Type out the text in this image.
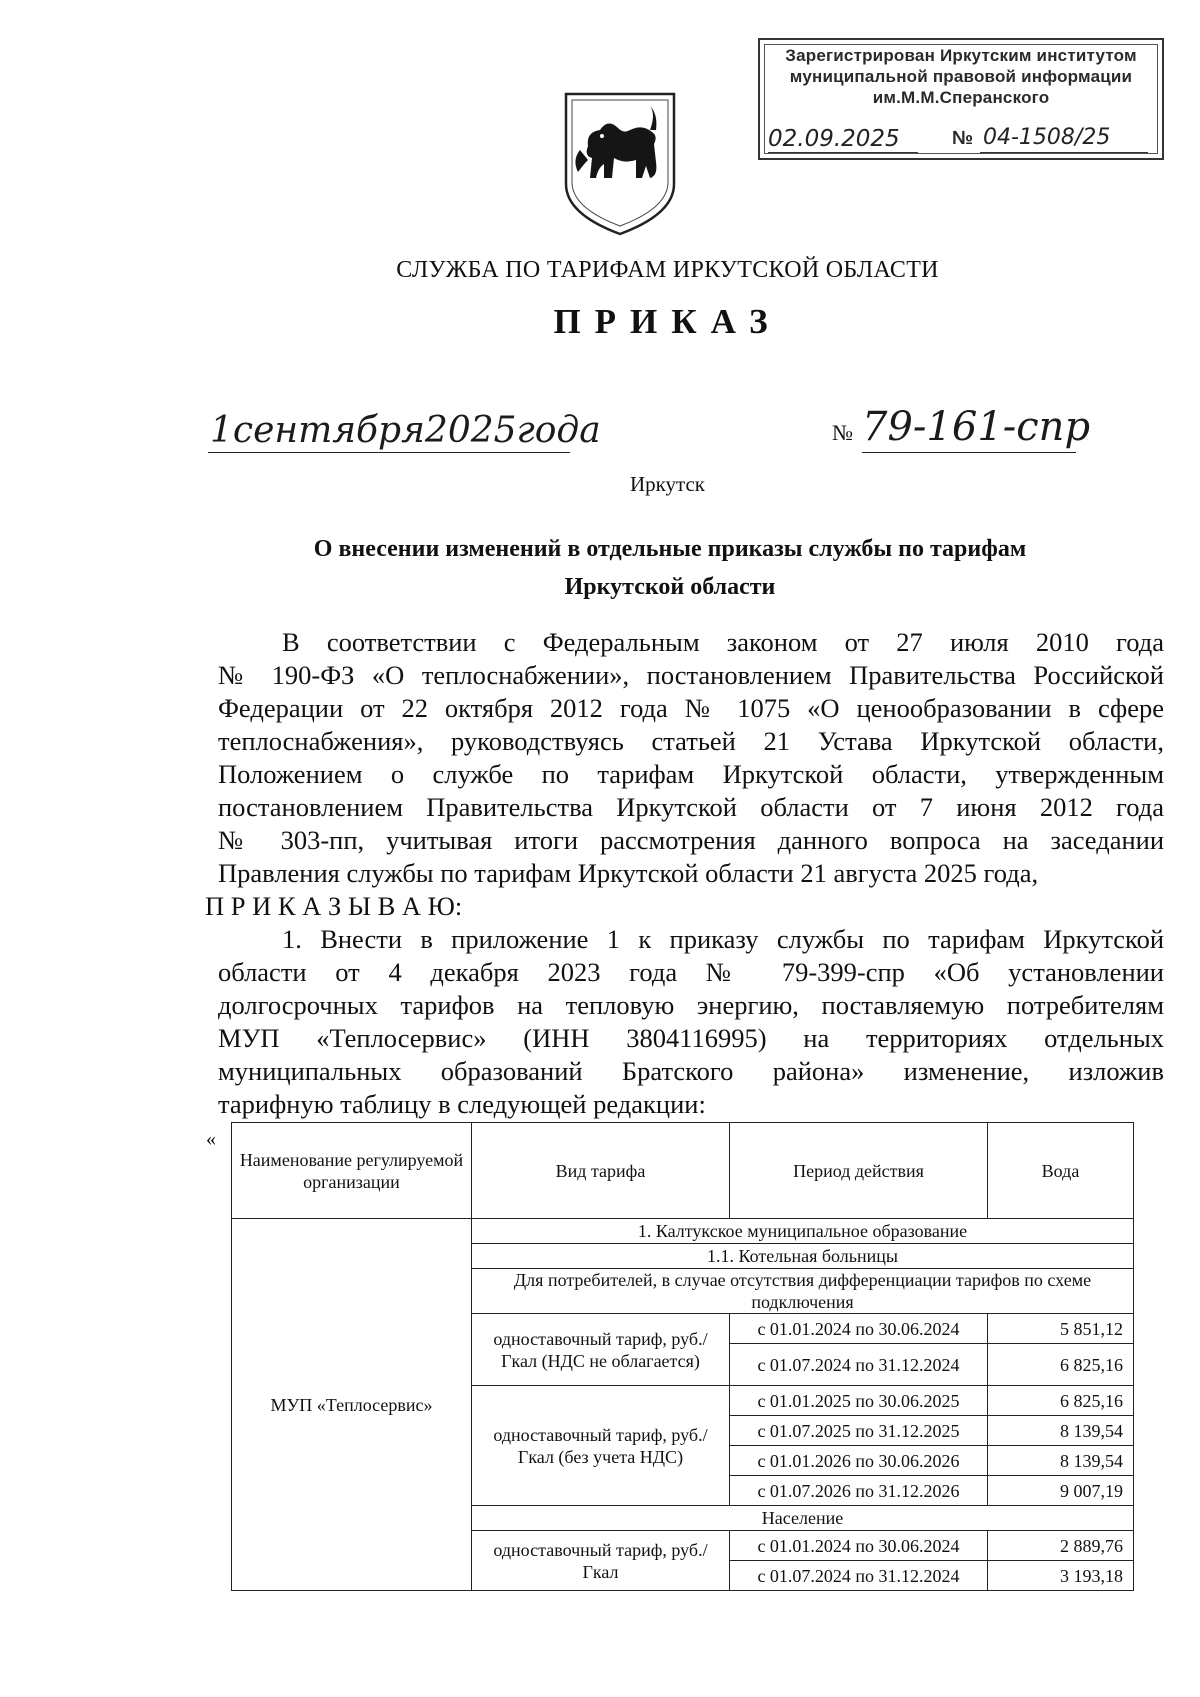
Зарегистрирован Иркутским институтом
муниципальной правовой информации
им.М.М.Сперанского
02.09.2025	№ 04-1508/25
СЛУЖБА ПО ТАРИФАМ ИРКУТСКОЙ ОБЛАСТИ
ПРИКАЗ
1сентября2025года	№ 79-161-спр
Иркутск
О внесении изменений в отдельные приказы службы по тарифам
Иркутской области
В соответствии с Федеральным законом от 27 июля 2010 года
№ 190-ФЗ «О теплоснабжении», постановлением Правительства Российской
Федерации от 22 октября 2012 года № 1075 «О ценообразовании в сфере
теплоснабжения», руководствуясь статьей 21 Устава Иркутской области,
Положением о службе по тарифам Иркутской области, утвержденным
постановлением Правительства Иркутской области от 7 июня 2012 года
№ 303-пп, учитывая итоги рассмотрения данного вопроса на заседании
Правления службы по тарифам Иркутской области 21 августа 2025 года,
П Р И К А З Ы В А Ю:
1. Внести в приложение 1 к приказу службы по тарифам Иркутской
области от 4 декабря 2023 года № 79-399-спр «Об установлении
долгосрочных тарифов на тепловую энергию, поставляемую потребителям
МУП «Теплосервис» (ИНН 3804116995) на территориях отдельных
муниципальных образований Братского района» изменение, изложив
тарифную таблицу в следующей редакции:
«
Наименование регулируемой организации	Вид тарифа	Период действия	Вода
МУП «Теплосервис»	1. Калтукское муниципальное образование		
	1.1. Котельная больницы		
	Для потребителей, в случае отсутствия дифференциации тарифов по схеме подключения		
	одноставочный тариф, руб./Гкал (НДС не облагается)	с 01.01.2024 по 30.06.2024	5 851,12
		с 01.07.2024 по 31.12.2024	6 825,16
	одноставочный тариф, руб./Гкал (без учета НДС)	с 01.01.2025 по 30.06.2025	6 825,16
		с 01.07.2025 по 31.12.2025	8 139,54
		с 01.01.2026 по 30.06.2026	8 139,54
		с 01.07.2026 по 31.12.2026	9 007,19
	Население		
	одноставочный тариф, руб./Гкал	с 01.01.2024 по 30.06.2024	2 889,76
		с 01.07.2024 по 31.12.2024	3 193,18
